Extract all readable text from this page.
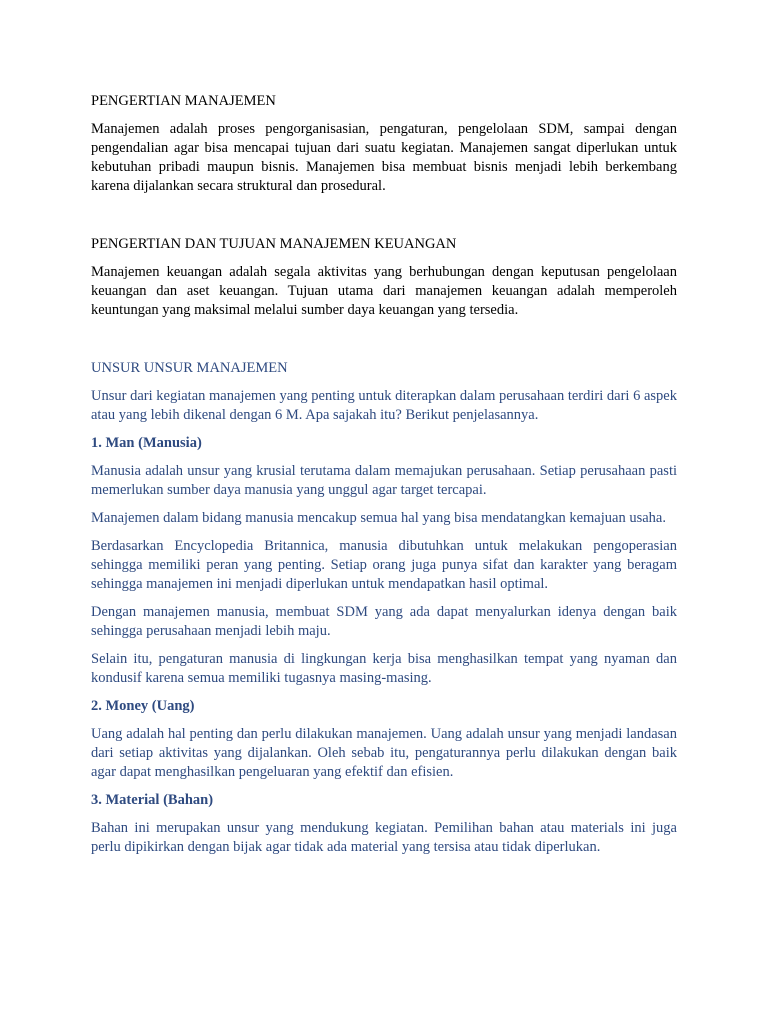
PENGERTIAN MANAJEMEN

Manajemen adalah proses pengorganisasian, pengaturan, pengelolaan SDM, sampai dengan pengendalian agar bisa mencapai tujuan dari suatu kegiatan. Manajemen sangat diperlukan untuk kebutuhan pribadi maupun bisnis. Manajemen bisa membuat bisnis menjadi lebih berkembang karena dijalankan secara struktural dan prosedural.

PENGERTIAN DAN TUJUAN MANAJEMEN KEUANGAN

Manajemen keuangan adalah segala aktivitas yang berhubungan dengan keputusan pengelolaan keuangan dan aset keuangan. Tujuan utama dari manajemen keuangan adalah memperoleh keuntungan yang maksimal melalui sumber daya keuangan yang tersedia.

UNSUR UNSUR MANAJEMEN

Unsur dari kegiatan manajemen yang penting untuk diterapkan dalam perusahaan terdiri dari 6 aspek atau yang lebih dikenal dengan 6 M. Apa sajakah itu? Berikut penjelasannya.

1. Man (Manusia)

Manusia adalah unsur yang krusial terutama dalam memajukan perusahaan. Setiap perusahaan pasti memerlukan sumber daya manusia yang unggul agar target tercapai.

Manajemen dalam bidang manusia mencakup semua hal yang bisa mendatangkan kemajuan usaha.

Berdasarkan Encyclopedia Britannica, manusia dibutuhkan untuk melakukan pengoperasian sehingga memiliki peran yang penting. Setiap orang juga punya sifat dan karakter yang beragam sehingga manajemen ini menjadi diperlukan untuk mendapatkan hasil optimal.

Dengan manajemen manusia, membuat SDM yang ada dapat menyalurkan idenya dengan baik sehingga perusahaan menjadi lebih maju.

Selain itu, pengaturan manusia di lingkungan kerja bisa menghasilkan tempat yang nyaman dan kondusif karena semua memiliki tugasnya masing-masing.

2. Money (Uang)

Uang adalah hal penting dan perlu dilakukan manajemen. Uang adalah unsur yang menjadi landasan dari setiap aktivitas yang dijalankan. Oleh sebab itu, pengaturannya perlu dilakukan dengan baik agar dapat menghasilkan pengeluaran yang efektif dan efisien.

3. Material (Bahan)

Bahan ini merupakan unsur yang mendukung kegiatan. Pemilihan bahan atau materials ini juga perlu dipikirkan dengan bijak agar tidak ada material yang tersisa atau tidak diperlukan.
